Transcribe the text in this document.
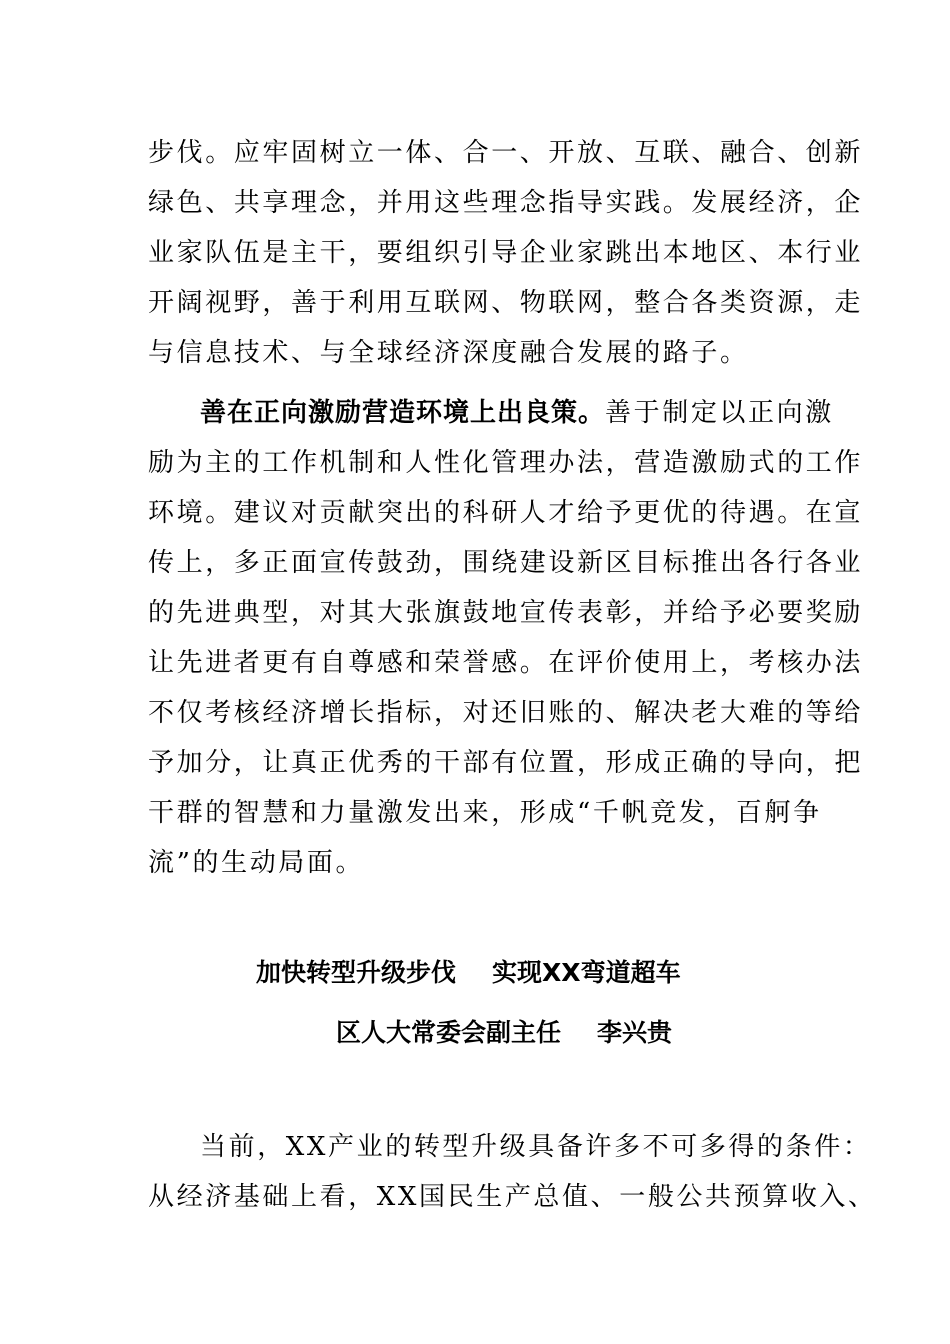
步伐。应牢固树立一体、合一、开放、互联、融合、创新
绿色、共享理念，并用这些理念指导实践。发展经济，企
业家队伍是主干，要组织引导企业家跳出本地区、本行业
开阔视野，善于利用互联网、物联网，整合各类资源，走
与信息技术、与全球经济深度融合发展的路子。
善在正向激励营造环境上出良策。善于制定以正向激
励为主的工作机制和人性化管理办法，营造激励式的工作
环境。建议对贡献突出的科研人才给予更优的待遇。在宣
传上，多正面宣传鼓劲，围绕建设新区目标推出各行各业
的先进典型，对其大张旗鼓地宣传表彰，并给予必要奖励
让先进者更有自尊感和荣誉感。在评价使用上，考核办法
不仅考核经济增长指标，对还旧账的、解决老大难的等给
予加分，让真正优秀的干部有位置，形成正确的导向，把
干群的智慧和力量激发出来，形成“千帆竞发，百舸争
流”的生动局面。
加快转型升级步伐 实现XX弯道超车
区人大常委会副主任 李兴贵
当前，XX产业的转型升级具备许多不可多得的条件：
从经济基础上看，XX国民生产总值、一般公共预算收入、
